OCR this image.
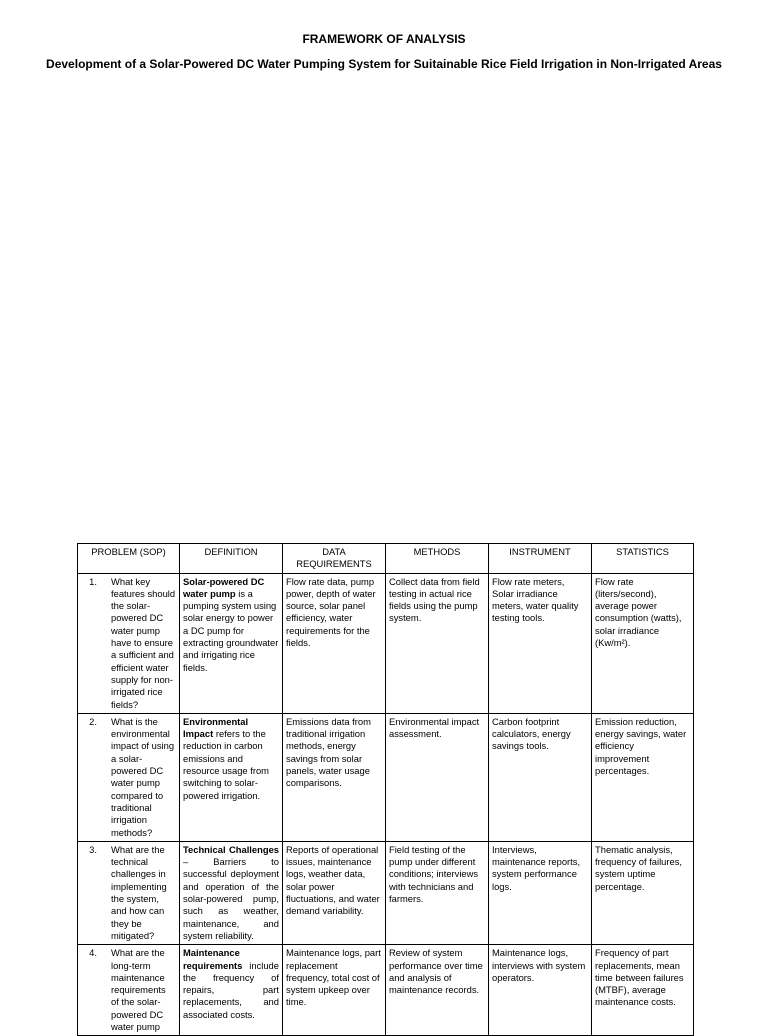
FRAMEWORK OF ANALYSIS
Development of a Solar-Powered DC Water Pumping System for Suitainable Rice Field Irrigation in Non-Irrigated Areas
PROBLEM (SOP)	DEFINITION	DATA REQUIREMENTS	METHODS	INSTRUMENT	STATISTICS

1. What key features should the solar-powered DC water pump have to ensure a sufficient and efficient water supply for non-irrigated rice fields?	Solar-powered DC water pump is a pumping system using solar energy to power a DC pump for extracting groundwater and irrigating rice fields.	Flow rate data, pump power, depth of water source, solar panel efficiency, water requirements for the fields.	Collect data from field testing in actual rice fields using the pump system.	Flow rate meters, Solar irradiance meters, water quality testing tools.	Flow rate (liters/second), average power consumption (watts), solar irradiance (Kw/m²).

2. What is the environmental impact of using a solar-powered DC water pump compared to traditional irrigation methods?	Environmental Impact refers to the reduction in carbon emissions and resource usage from switching to solar-powered irrigation.	Emissions data from traditional irrigation methods, energy savings from solar panels, water usage comparisons.	Environmental impact assessment.	Carbon footprint calculators, energy savings tools.	Emission reduction, energy savings, water efficiency improvement percentages.

3. What are the technical challenges in implementing the system, and how can they be mitigated?	Technical Challenges – Barriers to successful deployment and operation of the solar-powered pump, such as weather, maintenance, and system reliability.	Reports of operational issues, maintenance logs, weather data, solar power fluctuations, and water demand variability.	Field testing of the pump under different conditions; interviews with technicians and farmers.	Interviews, maintenance reports, system performance logs.	Thematic analysis, frequency of failures, system uptime percentage.

4. What are the long-term maintenance requirements of the solar-powered DC water pump	Maintenance requirements include the frequency of repairs, part replacements, and associated costs.	Maintenance logs, part replacement frequency, total cost of system upkeep over time.	Review of system performance over time and analysis of maintenance records.	Maintenance logs, interviews with system operators.	Frequency of part replacements, mean time between failures (MTBF), average maintenance costs.
